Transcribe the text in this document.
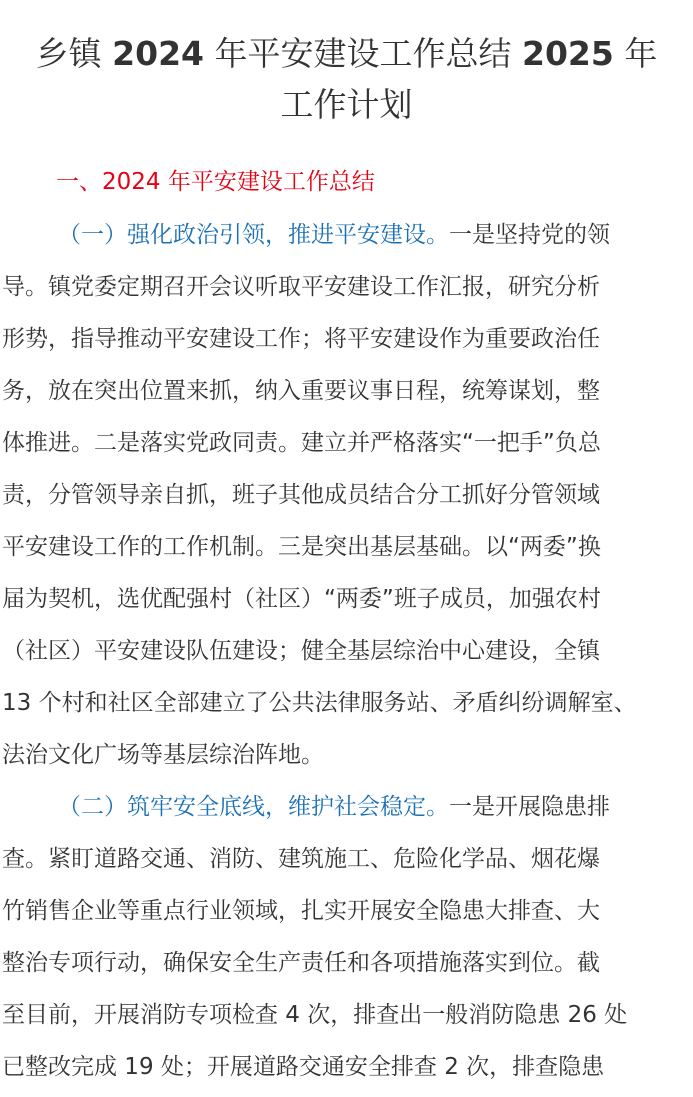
乡镇 2024 年平安建设工作总结 2025 年
工作计划
一、2024 年平安建设工作总结
（一）强化政治引领，推进平安建设。一是坚持党的领
导。镇党委定期召开会议听取平安建设工作汇报，研究分析
形势，指导推动平安建设工作；将平安建设作为重要政治任
务，放在突出位置来抓，纳入重要议事日程，统筹谋划，整
体推进。二是落实党政同责。建立并严格落实“一把手”负总
责，分管领导亲自抓，班子其他成员结合分工抓好分管领域
平安建设工作的工作机制。三是突出基层基础。以“两委”换
届为契机，选优配强村（社区）“两委”班子成员，加强农村
（社区）平安建设队伍建设；健全基层综治中心建设，全镇
13 个村和社区全部建立了公共法律服务站、矛盾纠纷调解室、
法治文化广场等基层综治阵地。
（二）筑牢安全底线，维护社会稳定。一是开展隐患排
查。紧盯道路交通、消防、建筑施工、危险化学品、烟花爆
竹销售企业等重点行业领域，扎实开展安全隐患大排查、大
整治专项行动，确保安全生产责任和各项措施落实到位。截
至目前，开展消防专项检查 4 次，排查出一般消防隐患 26 处
已整改完成 19 处；开展道路交通安全排查 2 次，排查隐患
